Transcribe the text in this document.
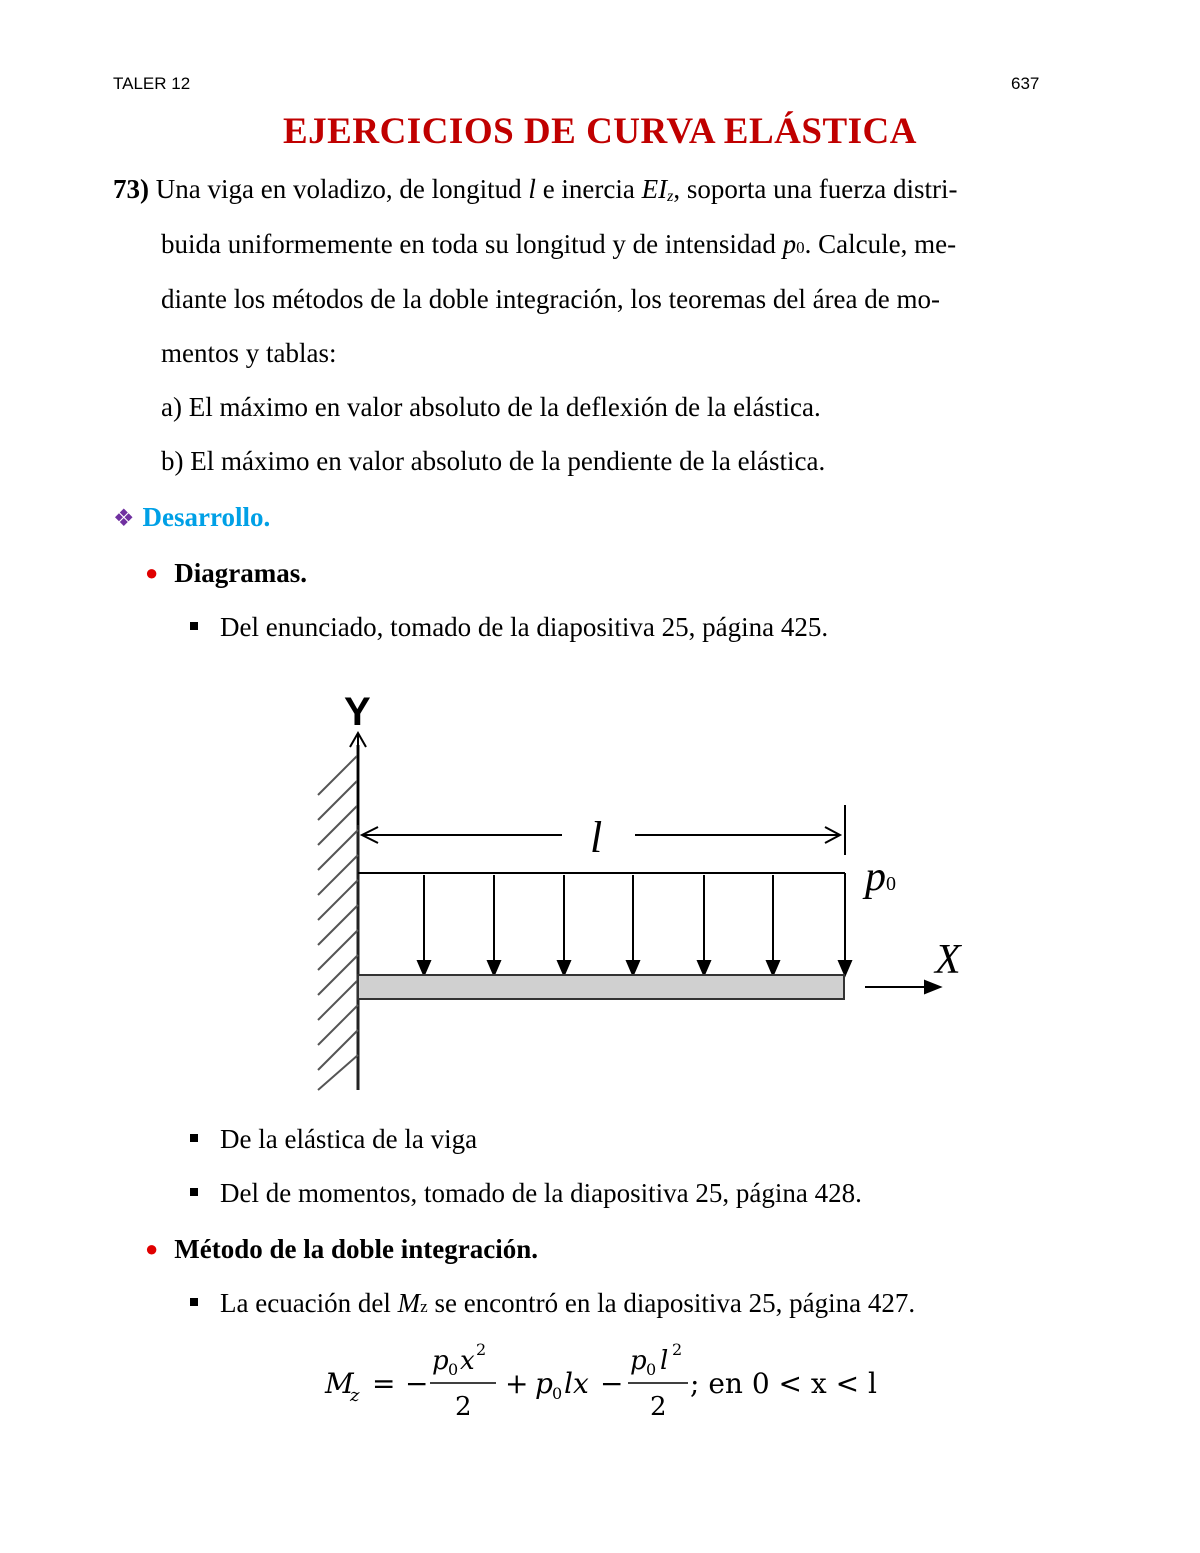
TALER 12	637
EJERCICIOS DE CURVA ELÁSTICA
73) Una viga en voladizo, de longitud l e inercia EIz, soporta una fuerza distri-
buida uniformemente en toda su longitud y de intensidad p0. Calcule, me-
diante los métodos de la doble integración, los teoremas del área de mo-
mentos y tablas:
a) El máximo en valor absoluto de la deflexión de la elástica.
b) El máximo en valor absoluto de la pendiente de la elástica.
❖ Desarrollo.
● Diagramas.
Del enunciado, tomado de la diapositiva 25, página 425.
Y
l
p0
X
De la elástica de la viga
Del de momentos, tomado de la diapositiva 25, página 428.
● Método de la doble integración.
La ecuación del Mz se encontró en la diapositiva 25, página 427.
M
z = −
p 0 x 2
2
+ p 0 lx −
p 0 l 2
2
; en 0 < x < l
